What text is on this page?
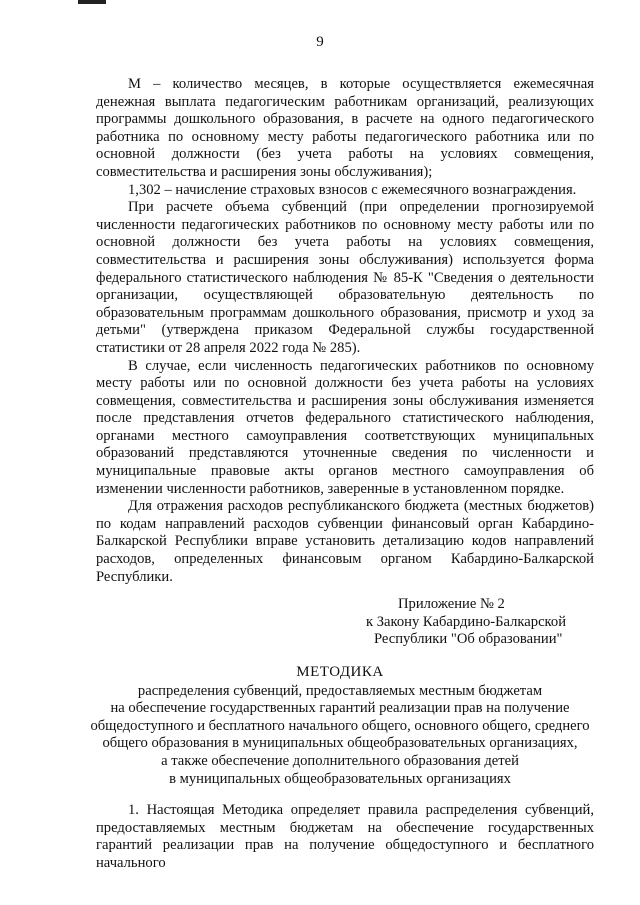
9

М – количество месяцев, в которые осуществляется ежемесячная денежная выплата педагогическим работникам организаций, реализующих программы дошкольного образования, в расчете на одного педагогического работника по основному месту работы педагогического работника или по основной должности (без учета работы на условиях совмещения, совместительства и расширения зоны обслуживания);

1,302 – начисление страховых взносов с ежемесячного вознаграждения.

При расчете объема субвенций (при определении прогнозируемой численности педагогических работников по основному месту работы или по основной должности без учета работы на условиях совмещения, совместительства и расширения зоны обслуживания) используется форма федерального статистического наблюдения № 85-К "Сведения о деятельности организации, осуществляющей образовательную деятельность по образовательным программам дошкольного образования, присмотр и уход за детьми" (утверждена приказом Федеральной службы государственной статистики от 28 апреля 2022 года № 285).

В случае, если численность педагогических работников по основному месту работы или по основной должности без учета работы на условиях совмещения, совместительства и расширения зоны обслуживания изменяется после представления отчетов федерального статистического наблюдения, органами местного самоуправления соответствующих муниципальных образований представляются уточненные сведения по численности и муниципальные правовые акты органов местного самоуправления об изменении численности работников, заверенные в установленном порядке.

Для отражения расходов республиканского бюджета (местных бюджетов) по кодам направлений расходов субвенции финансовый орган Кабардино-Балкарской Республики вправе установить детализацию кодов направлений расходов, определенных финансовым органом Кабардино-Балкарской Республики.

Приложение № 2
к Закону Кабардино-Балкарской
Республики "Об образовании"
МЕТОДИКА
распределения субвенций, предоставляемых местным бюджетам
на обеспечение государственных гарантий реализации прав на получение
общедоступного и бесплатного начального общего, основного общего, среднего
общего образования в муниципальных общеобразовательных организациях,
а также обеспечение дополнительного образования детей
в муниципальных общеобразовательных организациях

1. Настоящая Методика определяет правила распределения субвенций, предоставляемых местным бюджетам на обеспечение государственных гарантий реализации прав на получение общедоступного и бесплатного начального
